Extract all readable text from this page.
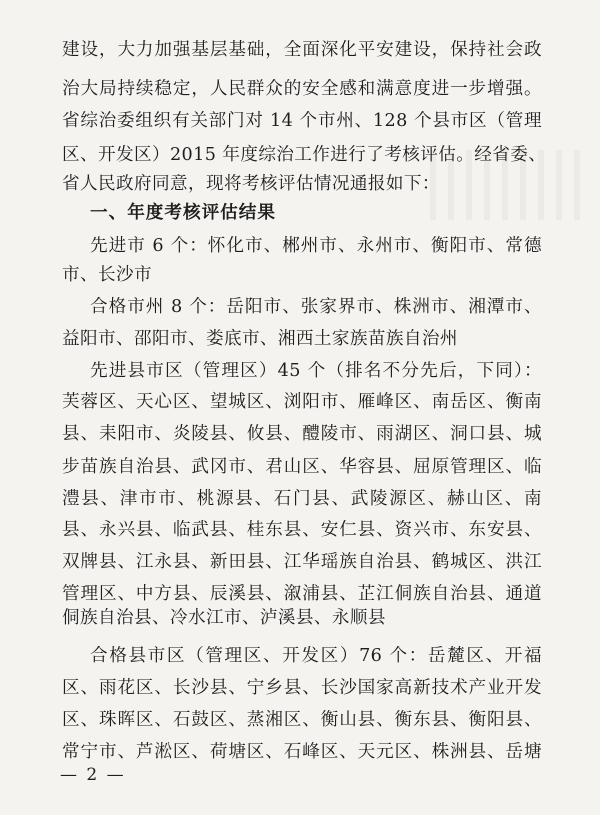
建设，大力加强基层基础，全面深化平安建设，保持社会政
治大局持续稳定，人民群众的安全感和满意度进一步增强。
省综治委组织有关部门对 14 个市州、128 个县市区（管理
区、开发区）2015 年度综治工作进行了考核评估。经省委、
省人民政府同意，现将考核评估情况通报如下：
一、年度考核评估结果
先进市 6 个：怀化市、郴州市、永州市、衡阳市、常德
市、长沙市
合格市州 8 个：岳阳市、张家界市、株洲市、湘潭市、
益阳市、邵阳市、娄底市、湘西土家族苗族自治州
先进县市区（管理区）45 个（排名不分先后，下同）：
芙蓉区、天心区、望城区、浏阳市、雁峰区、南岳区、衡南
县、耒阳市、炎陵县、攸县、醴陵市、雨湖区、洞口县、城
步苗族自治县、武冈市、君山区、华容县、屈原管理区、临
澧县、津市市、桃源县、石门县、武陵源区、赫山区、南
县、永兴县、临武县、桂东县、安仁县、资兴市、东安县、
双牌县、江永县、新田县、江华瑶族自治县、鹤城区、洪江
管理区、中方县、辰溪县、溆浦县、芷江侗族自治县、通道
侗族自治县、冷水江市、泸溪县、永顺县
合格县市区（管理区、开发区）76 个：岳麓区、开福
区、雨花区、长沙县、宁乡县、长沙国家高新技术产业开发
区、珠晖区、石鼓区、蒸湘区、衡山县、衡东县、衡阳县、
常宁市、芦淞区、荷塘区、石峰区、天元区、株洲县、岳塘
— 2 —
